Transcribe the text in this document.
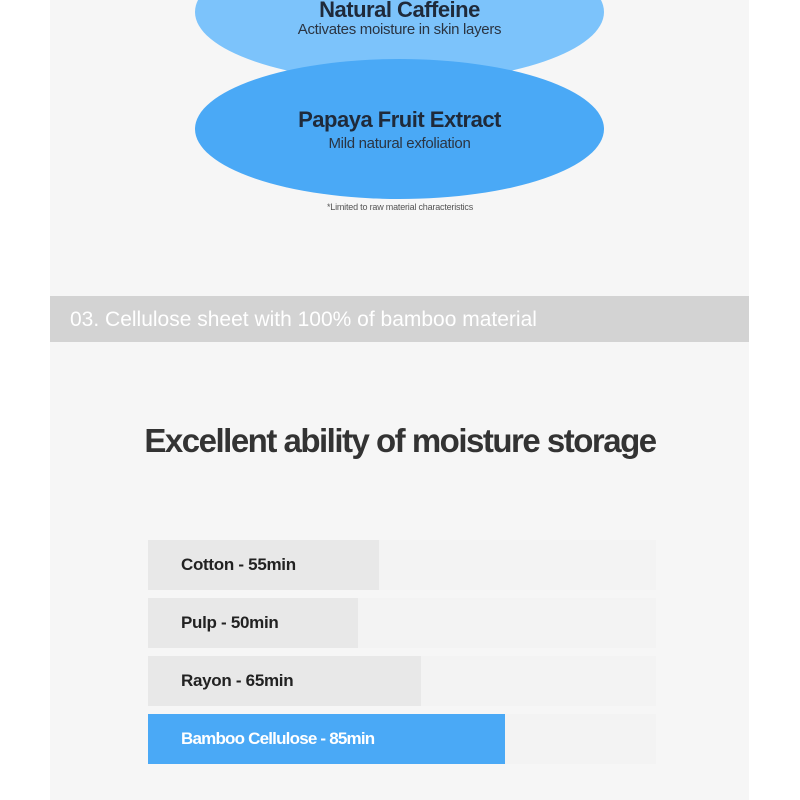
Natural Caffeine
Activates moisture in skin layers
Papaya Fruit Extract
Mild natural exfoliation
*Limited to raw material characteristics
03. Cellulose sheet with 100% of bamboo material
Excellent ability of moisture storage
Cotton - 55min
Pulp - 50min
Rayon - 65min
Bamboo Cellulose - 85min
